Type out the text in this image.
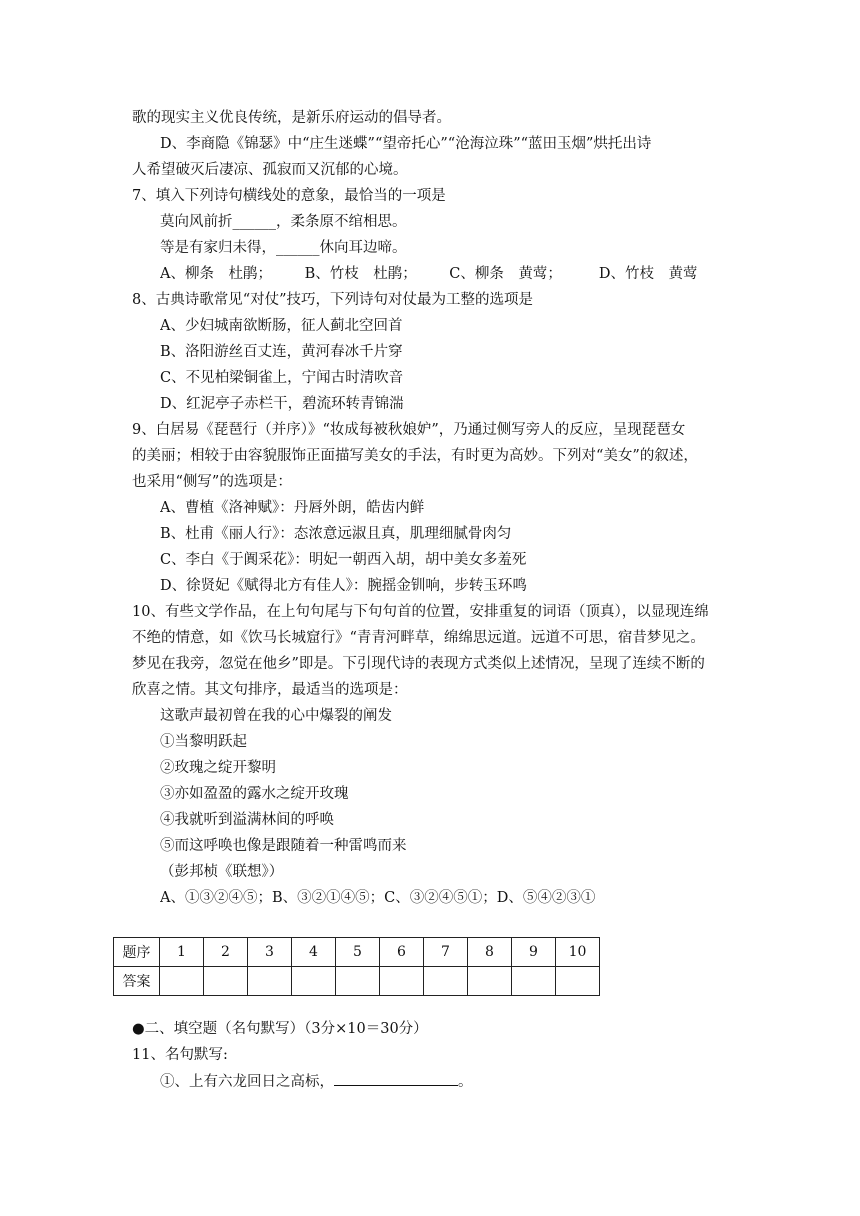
歌的现实主义优良传统，是新乐府运动的倡导者。
D、李商隐《锦瑟》中“庄生迷蝶”“望帝托心”“沧海泣珠”“蓝田玉烟”烘托出诗
人希望破灭后凄凉、孤寂而又沉郁的心境。
7、填入下列诗句横线处的意象，最恰当的一项是
莫向风前折______，柔条原不绾相思。
等是有家归未得，______休向耳边啼。
A、柳条　杜鹃； B、竹枝　杜鹃； C、柳条　黄莺；	D、竹枝　黄莺
8、古典诗歌常见“对仗”技巧，下列诗句对仗最为工整的选项是
A、少妇城南欲断肠，征人蓟北空回首
B、洛阳游丝百丈连，黄河春冰千片穿
C、不见柏梁铜雀上，宁闻古时清吹音
D、红泥亭子赤栏干，碧流环转青锦湍
9、白居易《琵琶行（并序）》“妆成每被秋娘妒”，乃通过侧写旁人的反应，呈现琵琶女
的美丽；相较于由容貌服饰正面描写美女的手法，有时更为高妙。下列对“美女”的叙述，
也采用“侧写”的选项是：
A、曹植《洛神赋》：丹唇外朗，皓齿内鲜
B、杜甫《丽人行》：态浓意远淑且真，肌理细腻骨肉匀
C、李白《于阗采花》：明妃一朝西入胡，胡中美女多羞死
D、徐贤妃《赋得北方有佳人》：腕摇金钏响，步转玉环鸣
10、有些文学作品，在上句句尾与下句句首的位置，安排重复的词语（顶真），以显现连绵
不绝的情意，如《饮马长城窟行》“青青河畔草，绵绵思远道。远道不可思，宿昔梦见之。
梦见在我旁，忽觉在他乡”即是。下引现代诗的表现方式类似上述情况，呈现了连续不断的
欣喜之情。其文句排序，最适当的选项是：
这歌声最初曾在我的心中爆裂的阐发
①当黎明跃起
②玫瑰之绽开黎明
③亦如盈盈的露水之绽开玫瑰
④我就听到溢满林间的呼唤
⑤而这呼唤也像是跟随着一种雷鸣而来
（彭邦桢《联想》）
A、①③②④⑤；B、③②①④⑤；C、③②④⑤①；D、⑤④②③①
题序	1	2	3	4	5	6	7	8	9	10
答案										
●二、填空题（名句默写）（3分×10＝30分）
11、名句默写:
①、上有六龙回日之高标，	。
